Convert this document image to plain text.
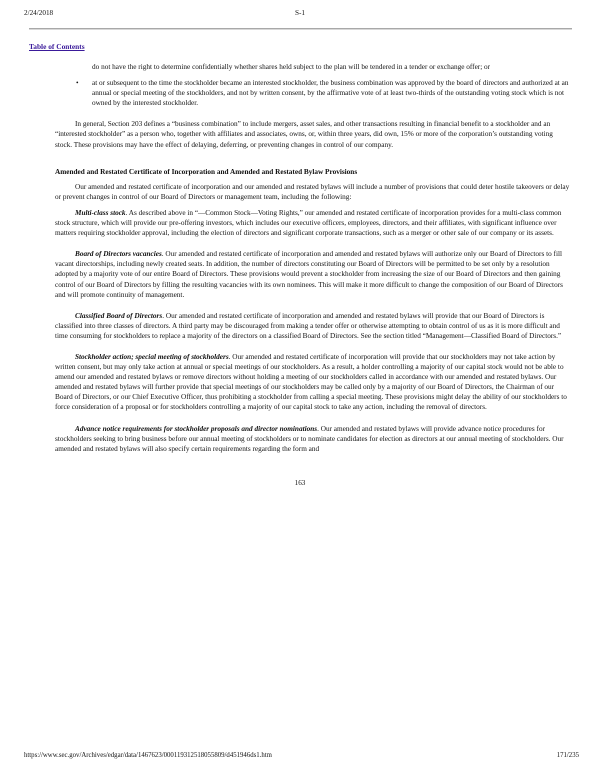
2/24/2018	S-1
Table of Contents

do not have the right to determine confidentially whether shares held subject to the plan will be tendered in a tender or exchange offer; or

• at or subsequent to the time the stockholder became an interested stockholder, the business combination was approved by the board of directors and authorized at an annual or special meeting of the stockholders, and not by written consent, by the affirmative vote of at least two-thirds of the outstanding voting stock which is not owned by the interested stockholder.

In general, Section 203 defines a “business combination” to include mergers, asset sales, and other transactions resulting in financial benefit to a stockholder and an “interested stockholder” as a person who, together with affiliates and associates, owns, or, within three years, did own, 15% or more of the corporation’s outstanding voting stock. These provisions may have the effect of delaying, deferring, or preventing changes in control of our company.

Amended and Restated Certificate of Incorporation and Amended and Restated Bylaw Provisions

Our amended and restated certificate of incorporation and our amended and restated bylaws will include a number of provisions that could deter hostile takeovers or delay or prevent changes in control of our Board of Directors or management team, including the following:

Multi-class stock. As described above in “—Common Stock—Voting Rights,” our amended and restated certificate of incorporation provides for a multi-class common stock structure, which will provide our pre-offering investors, which includes our executive officers, employees, directors, and their affiliates, with significant influence over matters requiring stockholder approval, including the election of directors and significant corporate transactions, such as a merger or other sale of our company or its assets.

Board of Directors vacancies. Our amended and restated certificate of incorporation and amended and restated bylaws will authorize only our Board of Directors to fill vacant directorships, including newly created seats. In addition, the number of directors constituting our Board of Directors will be permitted to be set only by a resolution adopted by a majority vote of our entire Board of Directors. These provisions would prevent a stockholder from increasing the size of our Board of Directors and then gaining control of our Board of Directors by filling the resulting vacancies with its own nominees. This will make it more difficult to change the composition of our Board of Directors and will promote continuity of management.

Classified Board of Directors. Our amended and restated certificate of incorporation and amended and restated bylaws will provide that our Board of Directors is classified into three classes of directors. A third party may be discouraged from making a tender offer or otherwise attempting to obtain control of us as it is more difficult and time consuming for stockholders to replace a majority of the directors on a classified Board of Directors. See the section titled “Management—Classified Board of Directors.”

Stockholder action; special meeting of stockholders. Our amended and restated certificate of incorporation will provide that our stockholders may not take action by written consent, but may only take action at annual or special meetings of our stockholders. As a result, a holder controlling a majority of our capital stock would not be able to amend our amended and restated bylaws or remove directors without holding a meeting of our stockholders called in accordance with our amended and restated bylaws. Our amended and restated bylaws will further provide that special meetings of our stockholders may be called only by a majority of our Board of Directors, the Chairman of our Board of Directors, or our Chief Executive Officer, thus prohibiting a stockholder from calling a special meeting. These provisions might delay the ability of our stockholders to force consideration of a proposal or for stockholders controlling a majority of our capital stock to take any action, including the removal of directors.

Advance notice requirements for stockholder proposals and director nominations. Our amended and restated bylaws will provide advance notice procedures for stockholders seeking to bring business before our annual meeting of stockholders or to nominate candidates for election as directors at our annual meeting of stockholders. Our amended and restated bylaws will also specify certain requirements regarding the form and

163
https://www.sec.gov/Archives/edgar/data/1467623/000119312518055809/d451946ds1.htm	171/235
